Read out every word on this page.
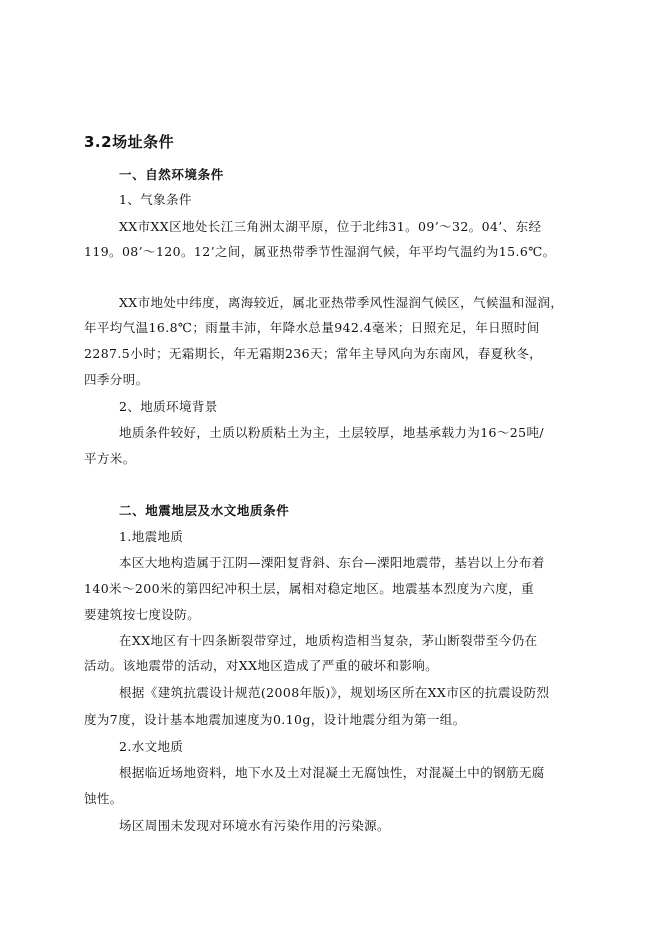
3.2场址条件
一、自然环境条件
1、气象条件
XX市XX区地处长江三角洲太湖平原，位于北纬31。09’～32。04’、东经
119。08’～120。12’之间，属亚热带季节性湿润气候，年平均气温约为15.6℃。
XX市地处中纬度，离海较近，属北亚热带季风性湿润气候区，气候温和湿润，
年平均气温16.8℃；雨量丰沛，年降水总量942.4毫米；日照充足，年日照时间
2287.5小时；无霜期长，年无霜期236天；常年主导风向为东南风，春夏秋冬，
四季分明。
2、地质环境背景
地质条件较好，土质以粉质粘土为主，土层较厚，地基承载力为16～25吨/
平方米。
二、地震地层及水文地质条件
1.地震地质
本区大地构造属于江阴—溧阳复背斜、东台—溧阳地震带，基岩以上分布着
140米～200米的第四纪冲积土层，属相对稳定地区。地震基本烈度为六度，重
要建筑按七度设防。
在XX地区有十四条断裂带穿过，地质构造相当复杂，茅山断裂带至今仍在
活动。该地震带的活动，对XX地区造成了严重的破坏和影响。
根据《建筑抗震设计规范(2008年版)》，规划场区所在XX市区的抗震设防烈
度为7度，设计基本地震加速度为0.10g，设计地震分组为第一组。
2.水文地质
根据临近场地资料，地下水及土对混凝土无腐蚀性，对混凝土中的钢筋无腐
蚀性。
场区周围未发现对环境水有污染作用的污染源。
